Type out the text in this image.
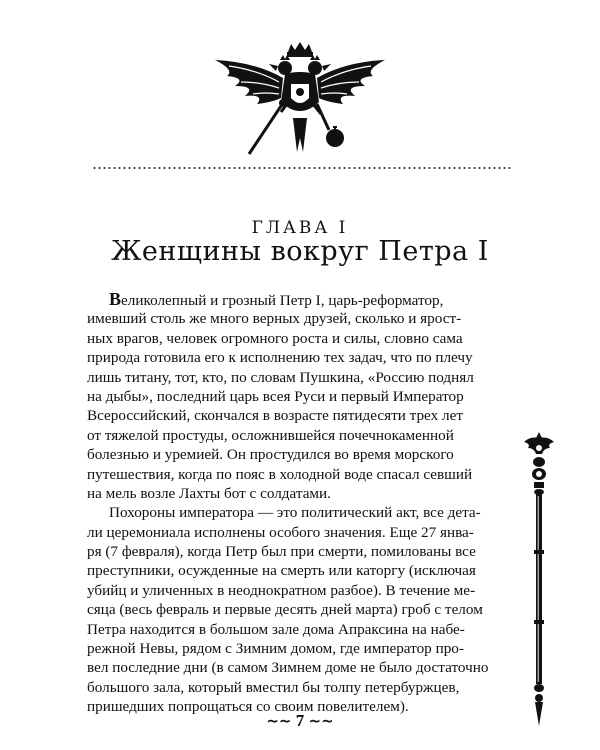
ГЛАВА I
Женщины вокруг Петра I
Великолепный и грозный Петр I, царь-реформатор,
имевший столь же много верных друзей, сколько и ярост-
ных врагов, человек огромного роста и силы, словно сама
природа готовила его к исполнению тех задач, что по плечу
лишь титану, тот, кто, по словам Пушкина, «Россию поднял
на дыбы», последний царь всея Руси и первый Император
Всероссийский, скончался в возрасте пятидесяти трех лет
от тяжелой простуды, осложнившейся почечнокаменной
болезнью и уремией. Он простудился во время морского
путешествия, когда по пояс в холодной воде спасал севший
на мель возле Лахты бот с солдатами.
Похороны императора — это политический акт, все дета-
ли церемониала исполнены особого значения. Еще 27 янва-
ря (7 февраля), когда Петр был при смерти, помилованы все
преступники, осужденные на смерть или каторгу (исключая
убийц и уличенных в неоднократном разбое). В течение ме-
сяца (весь февраль и первые десять дней марта) гроб с телом
Петра находится в большом зале дома Апраксина на набе-
режной Невы, рядом с Зимним домом, где император про-
вел последние дни (в самом Зимнем доме не было достаточно
большого зала, который вместил бы толпу петербуржцев,
пришедших попрощаться со своим повелителем).
~~ 7 ~~
